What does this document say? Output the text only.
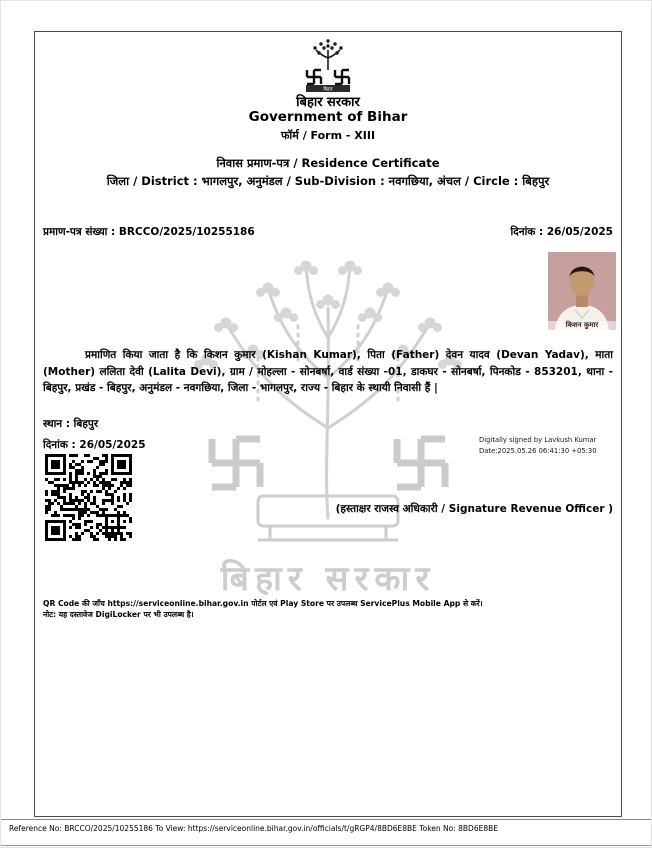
बिहार सरकार
बिहार
बिहार सरकार
Government of Bihar
फॉर्म / Form - XIII
निवास प्रमाण-पत्र / Residence Certificate
जिला / District : भागलपुर, अनुमंडल / Sub-Division : नवगछिया, अंचल / Circle : बिहपुर
प्रमाण-पत्र संख्या : BRCCO/2025/10255186	दिनांक : 26/05/2025
किशन कुमार

प्रमाणित किया जाता है कि किशन कुमार (Kishan Kumar), पिता (Father) देवन यादव (Devan Yadav), माता (Mother) ललिता देवी (Lalita Devi), ग्राम / मोहल्ला - सोनबर्षा, वार्ड संख्या -01, डाकघर - सोनबर्षा, पिनकोड - 853201, थाना - बिहपुर, प्रखंड - बिहपुर, अनुमंडल - नवगछिया, जिला - भागलपुर, राज्य - बिहार के स्थायी निवासी हैं |

स्थान : बिहपुर
दिनांक : 26/05/2025	Digitally signed by Lavkush Kumar
Date:2025.05.26 06:41:30 +05:30
(हस्ताक्षर राजस्व अधिकारी / Signature Revenue Officer )
QR Code की जाँच https://serviceonline.bihar.gov.in पोर्टल एवं Play Store पर उपलब्ध ServicePlus Mobile App से करें।
नोट: यह दस्तावेज DigiLocker पर भी उपलब्ध है।
Reference No: BRCCO/2025/10255186 To View: https://serviceonline.bihar.gov.in/officials/t/gRGP4/8BD6E8BE Token No: 8BD6E8BE
